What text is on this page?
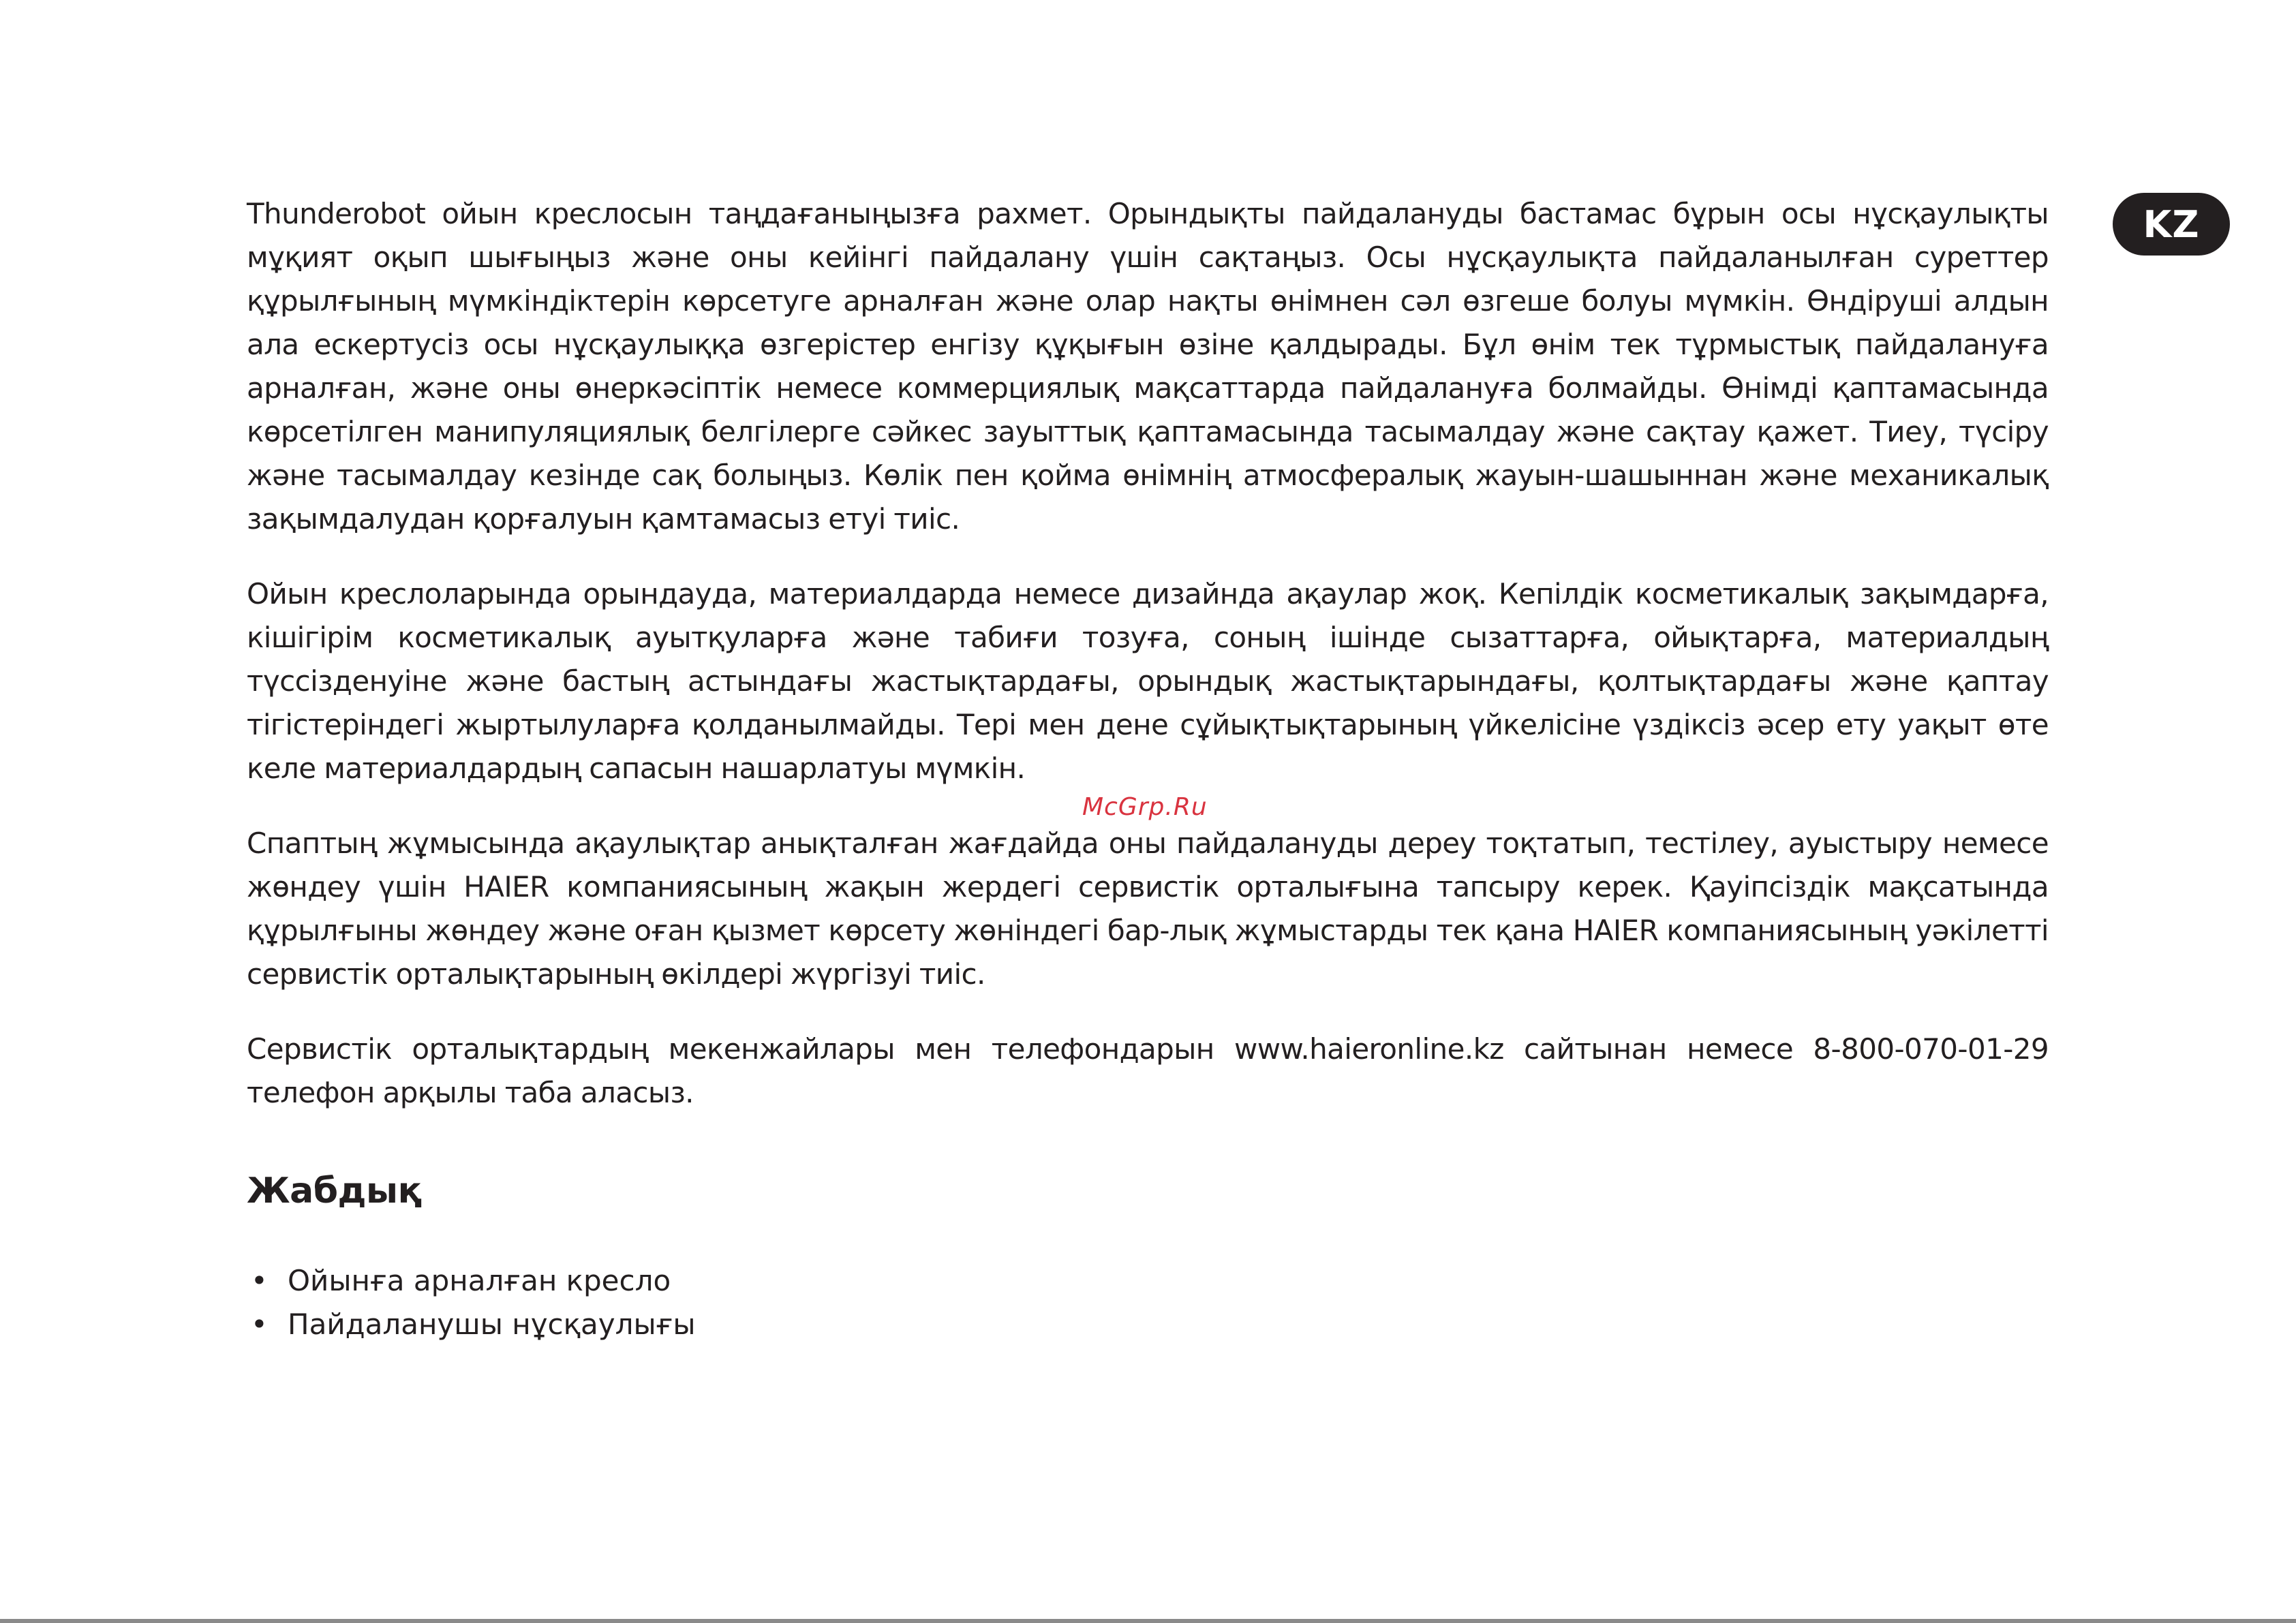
KZ

Thunderobot ойын креслосын таңдағаныңызға рахмет. Орындықты пайдалануды бастамас бұрын осы нұсқаулықты мұқият оқып шығыңыз және оны кейінгі пайдалану үшін сақтаңыз. Осы нұсқаулықта пайдаланылған суреттер құрылғының мүмкіндіктерін көрсетуге арналған және олар нақты өнімнен сәл өзгеше болуы мүмкін. Өндіруші алдын ала ескертусіз осы нұсқаулыққа өзгерістер енгізу құқығын өзіне қалдырады. Бұл өнім тек тұрмыстық пайдалануға арналған, және оны өнеркәсіптік немесе коммерциялық мақсаттарда пайдалануға болмайды. Өнімді қаптамасында көрсетілген манипуляциялық белгілерге сәйкес зауыттық қаптамасында тасымалдау және сақтау қажет. Тиеу, түсіру және тасымалдау кезінде сақ болыңыз. Көлік пен қойма өнімнің атмосфералық жауын-шашыннан және механикалық зақымдалудан қорғалуын қамтамасыз етуі тиіс.

Ойын креслоларында орындауда, материалдарда немесе дизайнда ақаулар жоқ. Кепілдік косметикалық зақымдарға, кішігірім косметикалық ауытқуларға және табиғи тозуға, соның ішінде сызаттарға, ойықтарға, материалдың түссізденуіне және бастың астындағы жастықтардағы, орындық жастықтарындағы, қолтықтардағы және қаптау тігістеріндегі жыртылуларға қолданылмайды. Тері мен дене сұйықтықтарының үйкелісіне үздіксіз әсер ету уақыт өте келе материалдардың сапасын нашарлатуы мүмкін.

Спаптың жұмысында ақаулықтар анықталған жағдайда оны пайдалануды дереу тоқтатып, тестілеу, ауыстыру немесе жөндеу үшін HAIER компаниясының жақын жердегі сервистік орталығына тапсыру керек. Қауіпсіздік мақсатында құрылғыны жөндеу және оған қызмет көрсету жөніндегі бар-лық жұмыстарды тек қана HAIER компаниясының уәкілетті сервистік орталықтарының өкілдері жүргізуі тиіс.

Сервистік орталықтардың мекенжайлары мен телефондарын www.haieronline.kz сайтынан немесе 8-800-070-01-29 телефон арқылы таба аласыз.

McGrp.Ru
Жабдық
• Ойынға арналған кресло
• Пайдаланушы нұсқаулығы
